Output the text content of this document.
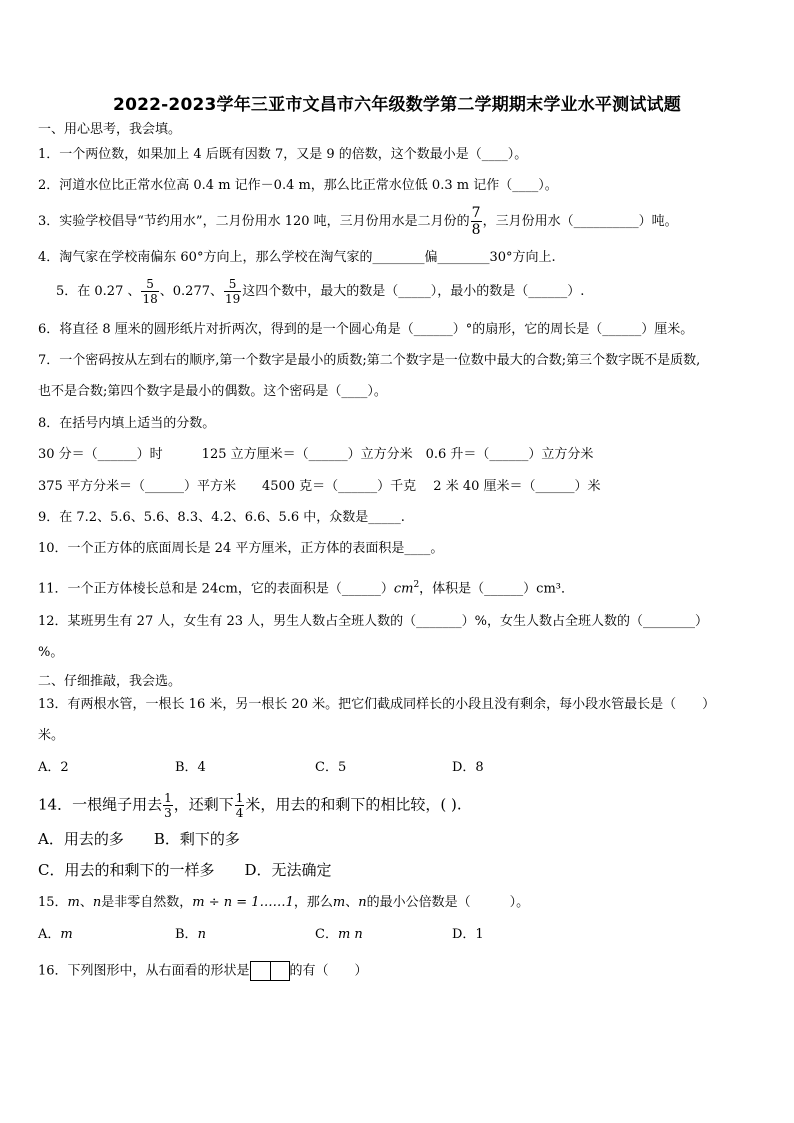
2022-2023学年三亚市文昌市六年级数学第二学期期末学业水平测试试题
一、用心思考，我会填。
1．一个两位数，如果加上 4 后既有因数 7，又是 9 的倍数，这个数最小是（____）。
2．河道水位比正常水位高 0.4 m 记作－0.4 m，那么比正常水位低 0.3 m 记作（____）。
3．实验学校倡导“节约用水”，二月份用水 120 吨，三月份用水是二月份的 $\frac{7}{8}$ ，三月份用水（__________）吨。
4．淘气家在学校南偏东 60°方向上，那么学校在淘气家的________偏________30°方向上.
5．在 0.27 、 $\frac{5}{18}$ 、0.277、 $\frac{5}{19}$ 这四个数中，最大的数是（_____），最小的数是（______）.
6．将直径 8 厘米的圆形纸片对折两次，得到的是一个圆心角是（______）°的扇形，它的周长是（______）厘米。
7．一个密码按从左到右的顺序,第一个数字是最小的质数;第二个数字是一位数中最大的合数;第三个数字既不是质数,
也不是合数;第四个数字是最小的偶数。这个密码是（____）。
8．在括号内填上适当的分数。
30 分＝（______）时　　　125 立方厘米＝（______）立方分米　0.6 升＝（______）立方分米
375 平方分米＝（______）平方米　　4500 克＝（______）千克　 2 米 40 厘米＝（______）米
9．在 7.2、5.6、5.6、8.3、4.2、6.6、5.6 中，众数是_____.
10．一个正方体的底面周长是 24 平方厘米，正方体的表面积是____。
11．一个正方体棱长总和是 24cm，它的表面积是$(\_\_\_\_\_\_)cm^2$，体积是（______）cm³．
12．某班男生有 27 人，女生有 23 人，男生人数占全班人数的（_______）%，女生人数占全班人数的（________）
%。
二、仔细推敲，我会选。
13．有两根水管，一根长 16 米，另一根长 20 米。把它们截成同样长的小段且没有剩余，每小段水管最长是（　　）
米。
A．2	B．4	C．5	D．8
14．一根绳子用去 $\frac{1}{3}$ ，还剩下 $\frac{1}{4}$ 米，用去的和剩下的相比较，( ).
A．用去的多　　B．剩下的多
C．用去的和剩下的一样多　　D．无法确定
15．m、n是非零自然数，m ÷ n = 1……1，那么m、n的最小公倍数是（　　　）。
A．m	B．n	C．m n	D．1
16．下列图形中，从右面看的形状是	的有（　　）
